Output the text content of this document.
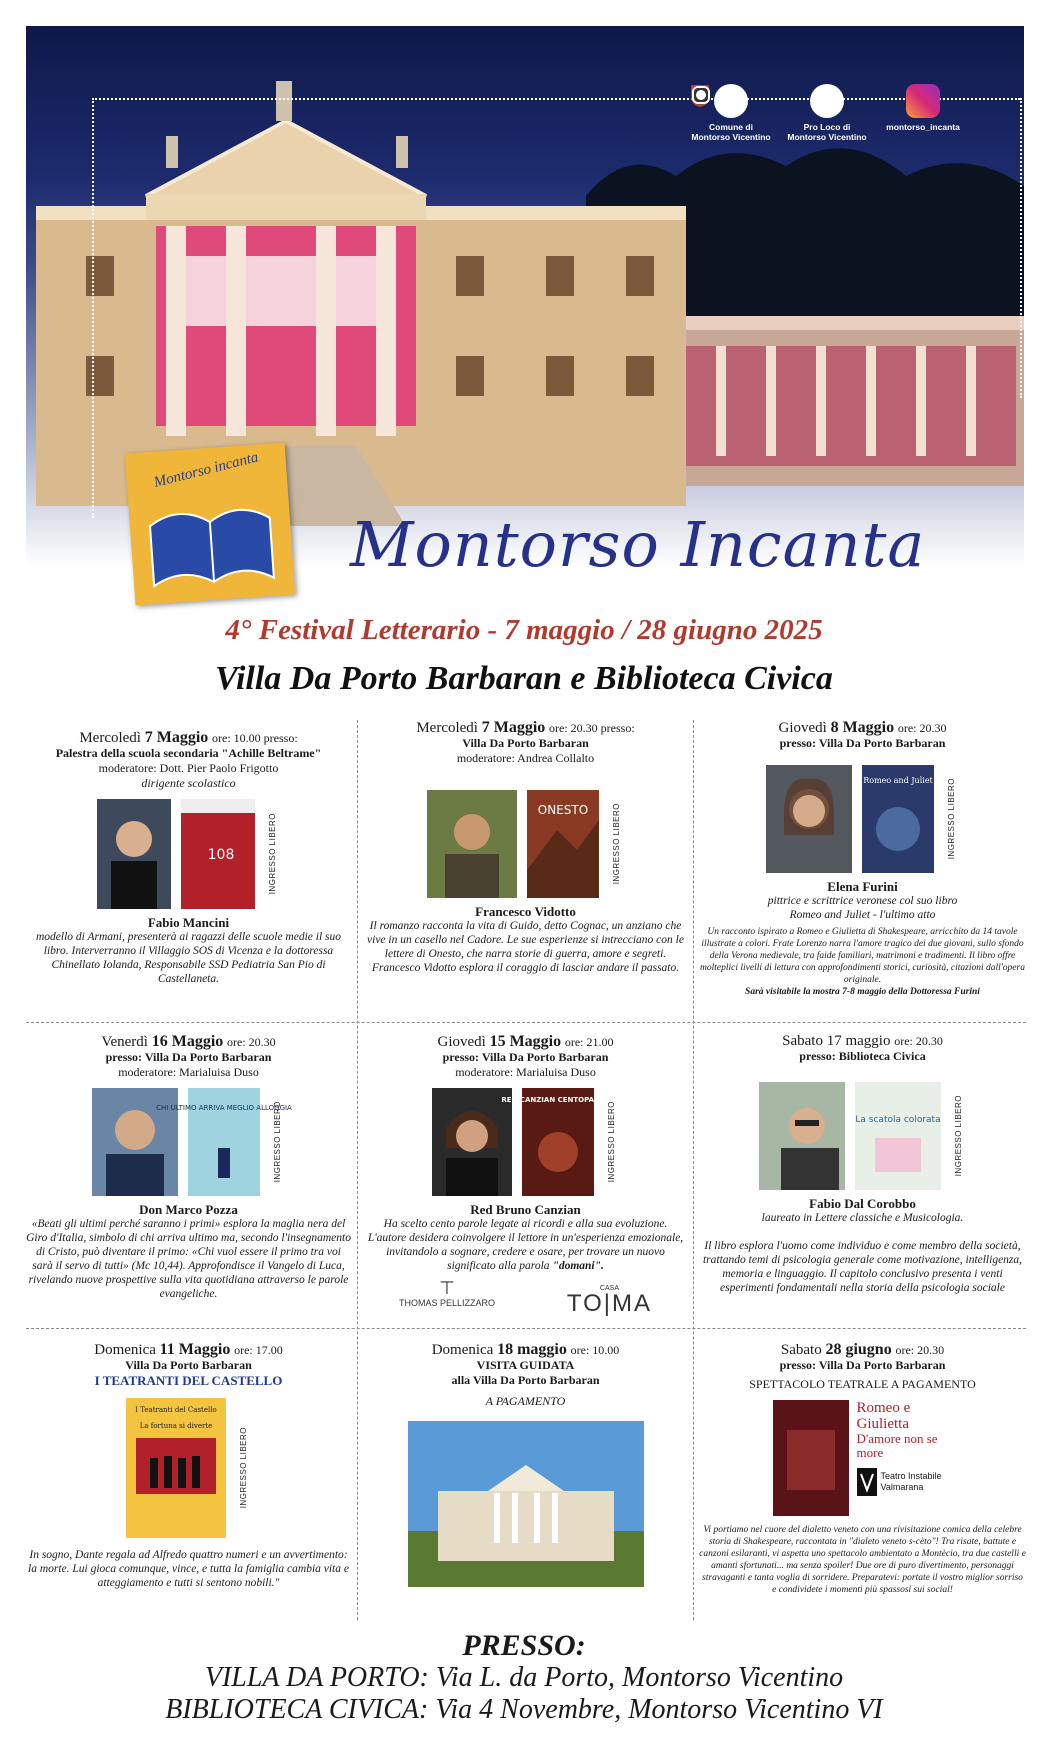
Comune di Montorso Vicentino
Pro Loco di Montorso Vicentino
montorso_incanta
Montorso incanta
Montorso Incanta
4° Festival Letterario - 7 maggio / 28 giugno 2025
Villa Da Porto Barbaran e Biblioteca Civica
Mercoledì 7 Maggio ore: 10.00 presso:
Palestra della scuola secondaria "Achille Beltrame"
moderatore: Dott. Pier Paolo Frigotto
dirigente scolastico
108	INGRESSO LIBERO
Fabio Mancini
modello di Armani, presenterà ai ragazzi delle scuole medie il suo libro. Interverranno il Villaggio SOS di Vicenza e la dottoressa Chinellato Iolanda, Responsabile SSD Pediatria San Pio di Castellaneta.
Mercoledì 7 Maggio ore: 20.30 presso:
Villa Da Porto Barbaran
moderatore: Andrea Collalto
ONESTO	INGRESSO LIBERO
Francesco Vidotto
Il romanzo racconta la vita di Guido, detto Cognac, un anziano che vive in un casello nel Cadore. Le sue esperienze si intrecciano con le lettere di Onesto, che narra storie di guerra, amore e segreti. Francesco Vidotto esplora il coraggio di lasciar andare il passato.
Giovedì 8 Maggio ore: 20.30
presso: Villa Da Porto Barbaran
Romeo and Juliet	INGRESSO LIBERO
Elena Furini
pittrice e scrittrice veronese col suo libro
Romeo and Juliet - l'ultimo atto
Un racconto ispirato a Romeo e Giulietta di Shakespeare, arricchito da 14 tavole illustrate a colori. Frate Lorenzo narra l'amore tragico dei due giovani, sullo sfondo della Verona medievale, tra faide familiari, matrimoni e tradimenti. Il libro offre molteplici livelli di lettura con approfondimenti storici, curiosità, citazioni dall'opera originale.
Sarà visitabile la mostra 7-8 maggio della Dottoressa Furini
Venerdì 16 Maggio ore: 20.30
presso: Villa Da Porto Barbaran
moderatore: Marialuisa Duso
CHI ULTIMO ARRIVA MEGLIO ALLOGGIA
INGRESSO LIBERO
Don Marco Pozza
«Beati gli ultimi perché saranno i primi» esplora la maglia nera del Giro d'Italia, simbolo di chi arriva ultimo ma, secondo l'insegnamento di Cristo, può diventare il primo: «Chi vuol essere il primo tra voi sarà il servo di tutti» (Mc 10,44). Approfondisce il Vangelo di Luca, rivelando nuove prospettive sulla vita quotidiana attraverso le parole evangeliche.
Giovedì 15 Maggio ore: 21.00
presso: Villa Da Porto Barbaran
moderatore: Marialuisa Duso
RED CANZIAN CENTOPAROLE
INGRESSO LIBERO
Red Bruno Canzian
Ha scelto cento parole legate ai ricordi e alla sua evoluzione. L'autore desidera coinvolgere il lettore in un'esperienza emozionale, invitandolo a sognare, credere e osare, per trovare un nuovo significato alla parola "domani".
⊤
THOMAS PELLIZZARO
CASA
TO|MA
Sabato 17 maggio ore: 20.30
presso: Biblioteca Civica
La scatola colorata	INGRESSO LIBERO
Fabio Dal Corobbo
laureato in Lettere classiche e Musicologia.
Il libro esplora l'uomo come individuo e come membro della società, trattando temi di psicologia generale come motivazione, intelligenza, memoria e linguaggio. Il capitolo conclusivo presenta i venti esperimenti fondamentali nella storia della psicologia sociale
Domenica 11 Maggio ore: 17.00
Villa Da Porto Barbaran
I TEATRANTI DEL CASTELLO
I Teatranti del Castello
La fortuna si diverte
INGRESSO LIBERO
In sogno, Dante regala ad Alfredo quattro numeri e un avvertimento: la morte. Lui gioca comunque, vince, e tutta la famiglia cambia vita e atteggiamento e tutti si sentono nobili."
Domenica 18 maggio ore: 10.00
VISITA GUIDATA
alla Villa Da Porto Barbaran
A PAGAMENTO
Sabato 28 giugno ore: 20.30
presso: Villa Da Porto Barbaran
SPETTACOLO TEATRALE A PAGAMENTO
Romeo e Giulietta
D'amore non se more
Teatro Instabile Valmarana
Vi portiamo nel cuore del dialetto veneto con una rivisitazione comica della celebre storia di Shakespeare, raccontata in "dialeto veneto s-cèto"! Tra risate, battute e canzoni esilaranti, vi aspetta uno spettacolo ambientato a Montècio, tra due castelli e amanti sfortunati... ma senza spoiler! Due ore di puro divertimento, personaggi stravaganti e tanta voglia di sorridere. Preparatevi: portate il vostro miglior sorriso e condividete i momenti più spassosi sui social!
PRESSO:
VILLA DA PORTO: Via L. da Porto, Montorso Vicentino
BIBLIOTECA CIVICA: Via 4 Novembre, Montorso Vicentino VI
